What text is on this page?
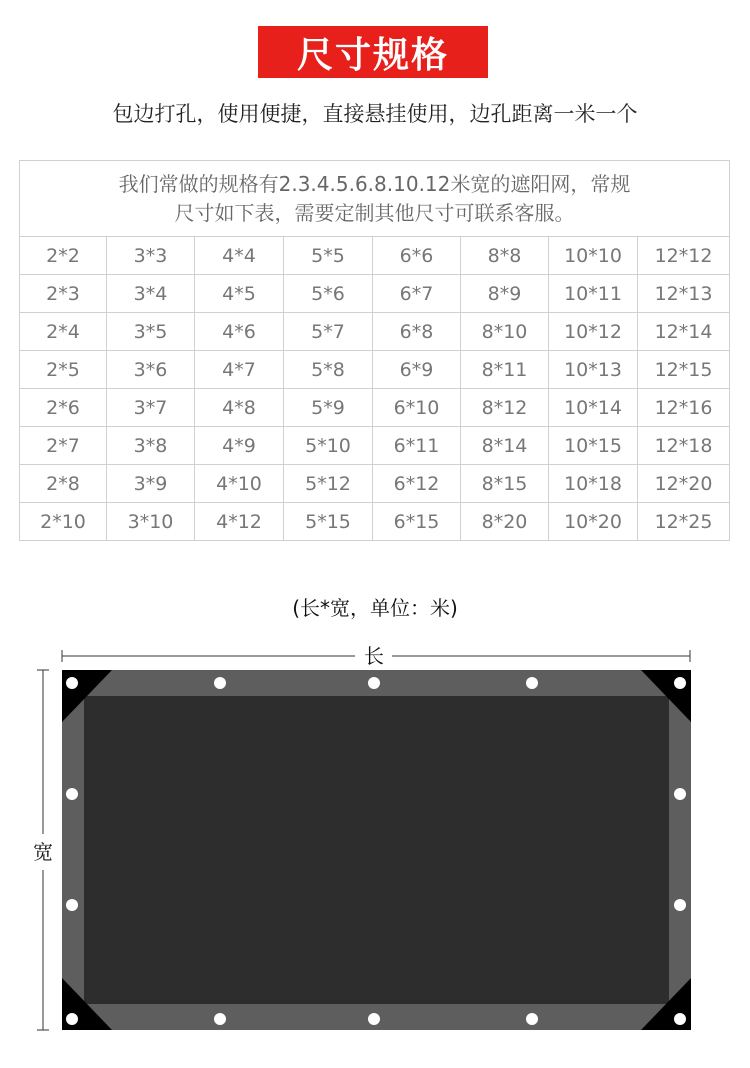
尺寸规格
包边打孔，使用便捷，直接悬挂使用，边孔距离一米一个
我们常做的规格有2.3.4.5.6.8.10.12米宽的遮阳网，常规
尺寸如下表，需要定制其他尺寸可联系客服。							

2*2	3*3	4*4	5*5	6*6	8*8	10*10	12*12
2*3	3*4	4*5	5*6	6*7	8*9	10*11	12*13
2*4	3*5	4*6	5*7	6*8	8*10	10*12	12*14
2*5	3*6	4*7	5*8	6*9	8*11	10*13	12*15
2*6	3*7	4*8	5*9	6*10	8*12	10*14	12*16
2*7	3*8	4*9	5*10	6*11	8*14	10*15	12*18
2*8	3*9	4*10	5*12	6*12	8*15	10*18	12*20
2*10	3*10	4*12	5*15	6*15	8*20	10*20	12*25
(长*宽，单位：米)
长
宽
